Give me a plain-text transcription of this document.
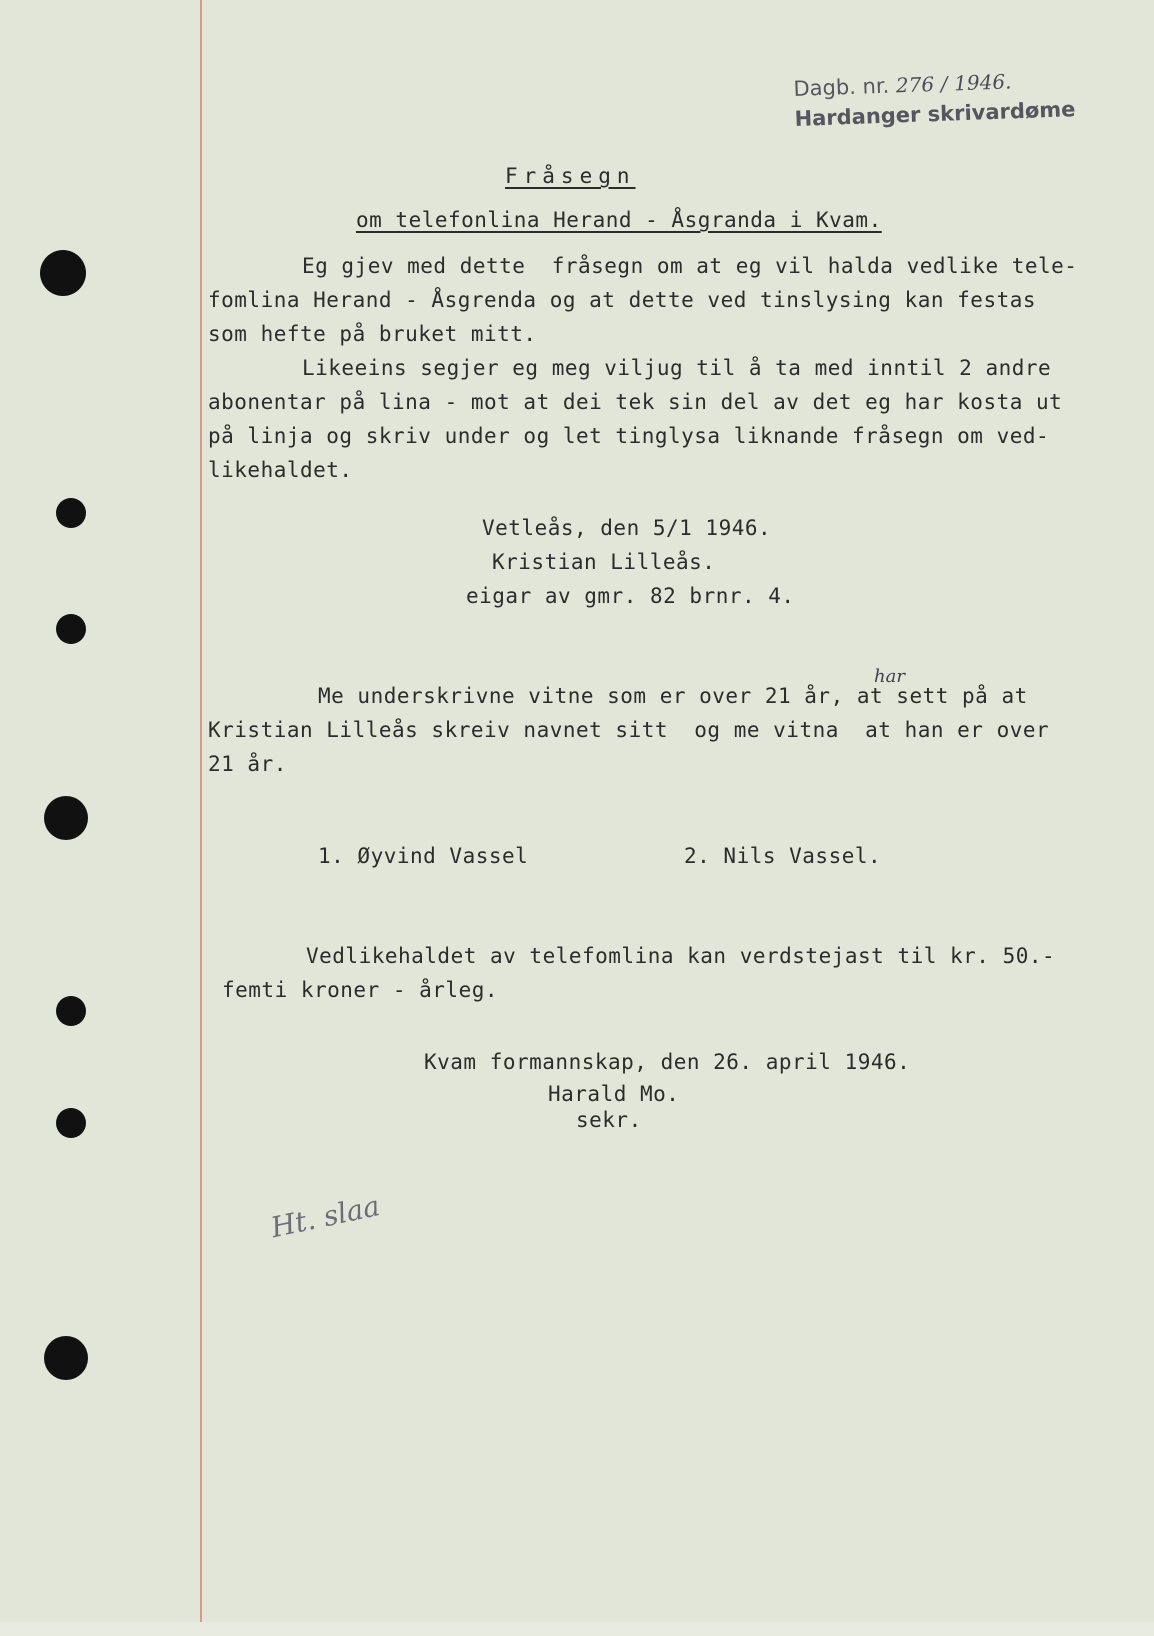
Dagb. nr. 276 / 1946.
Hardanger skrivardøme
Fråsegn
om telefonlina Herand - Åsgranda i Kvam.
Eg gjev med dette  fråsegn om at eg vil halda vedlike tele-
fomlina Herand - Åsgrenda og at dette ved tinslysing kan festas
som hefte på bruket mitt.
Likeeins segjer eg meg viljug til å ta med inntil 2 andre
abonentar på lina - mot at dei tek sin del av det eg har kosta ut
på linja og skriv under og let tinglysa liknande fråsegn om ved-
likehaldet.
Vetleås, den 5/1 1946.
Kristian Lilleås.
eigar av gmr. 82 brnr. 4.
har
Me underskrivne vitne som er over 21 år, at sett på at
Kristian Lilleås skreiv navnet sitt  og me vitna  at han er over
21 år.
1. Øyvind Vassel	2. Nils Vassel.
Vedlikehaldet av telefomlina kan verdstejast til kr. 50.-
femti kroner - årleg.
Kvam formannskap, den 26. april 1946.
Harald Mo.
sekr.
Ht. slaa
